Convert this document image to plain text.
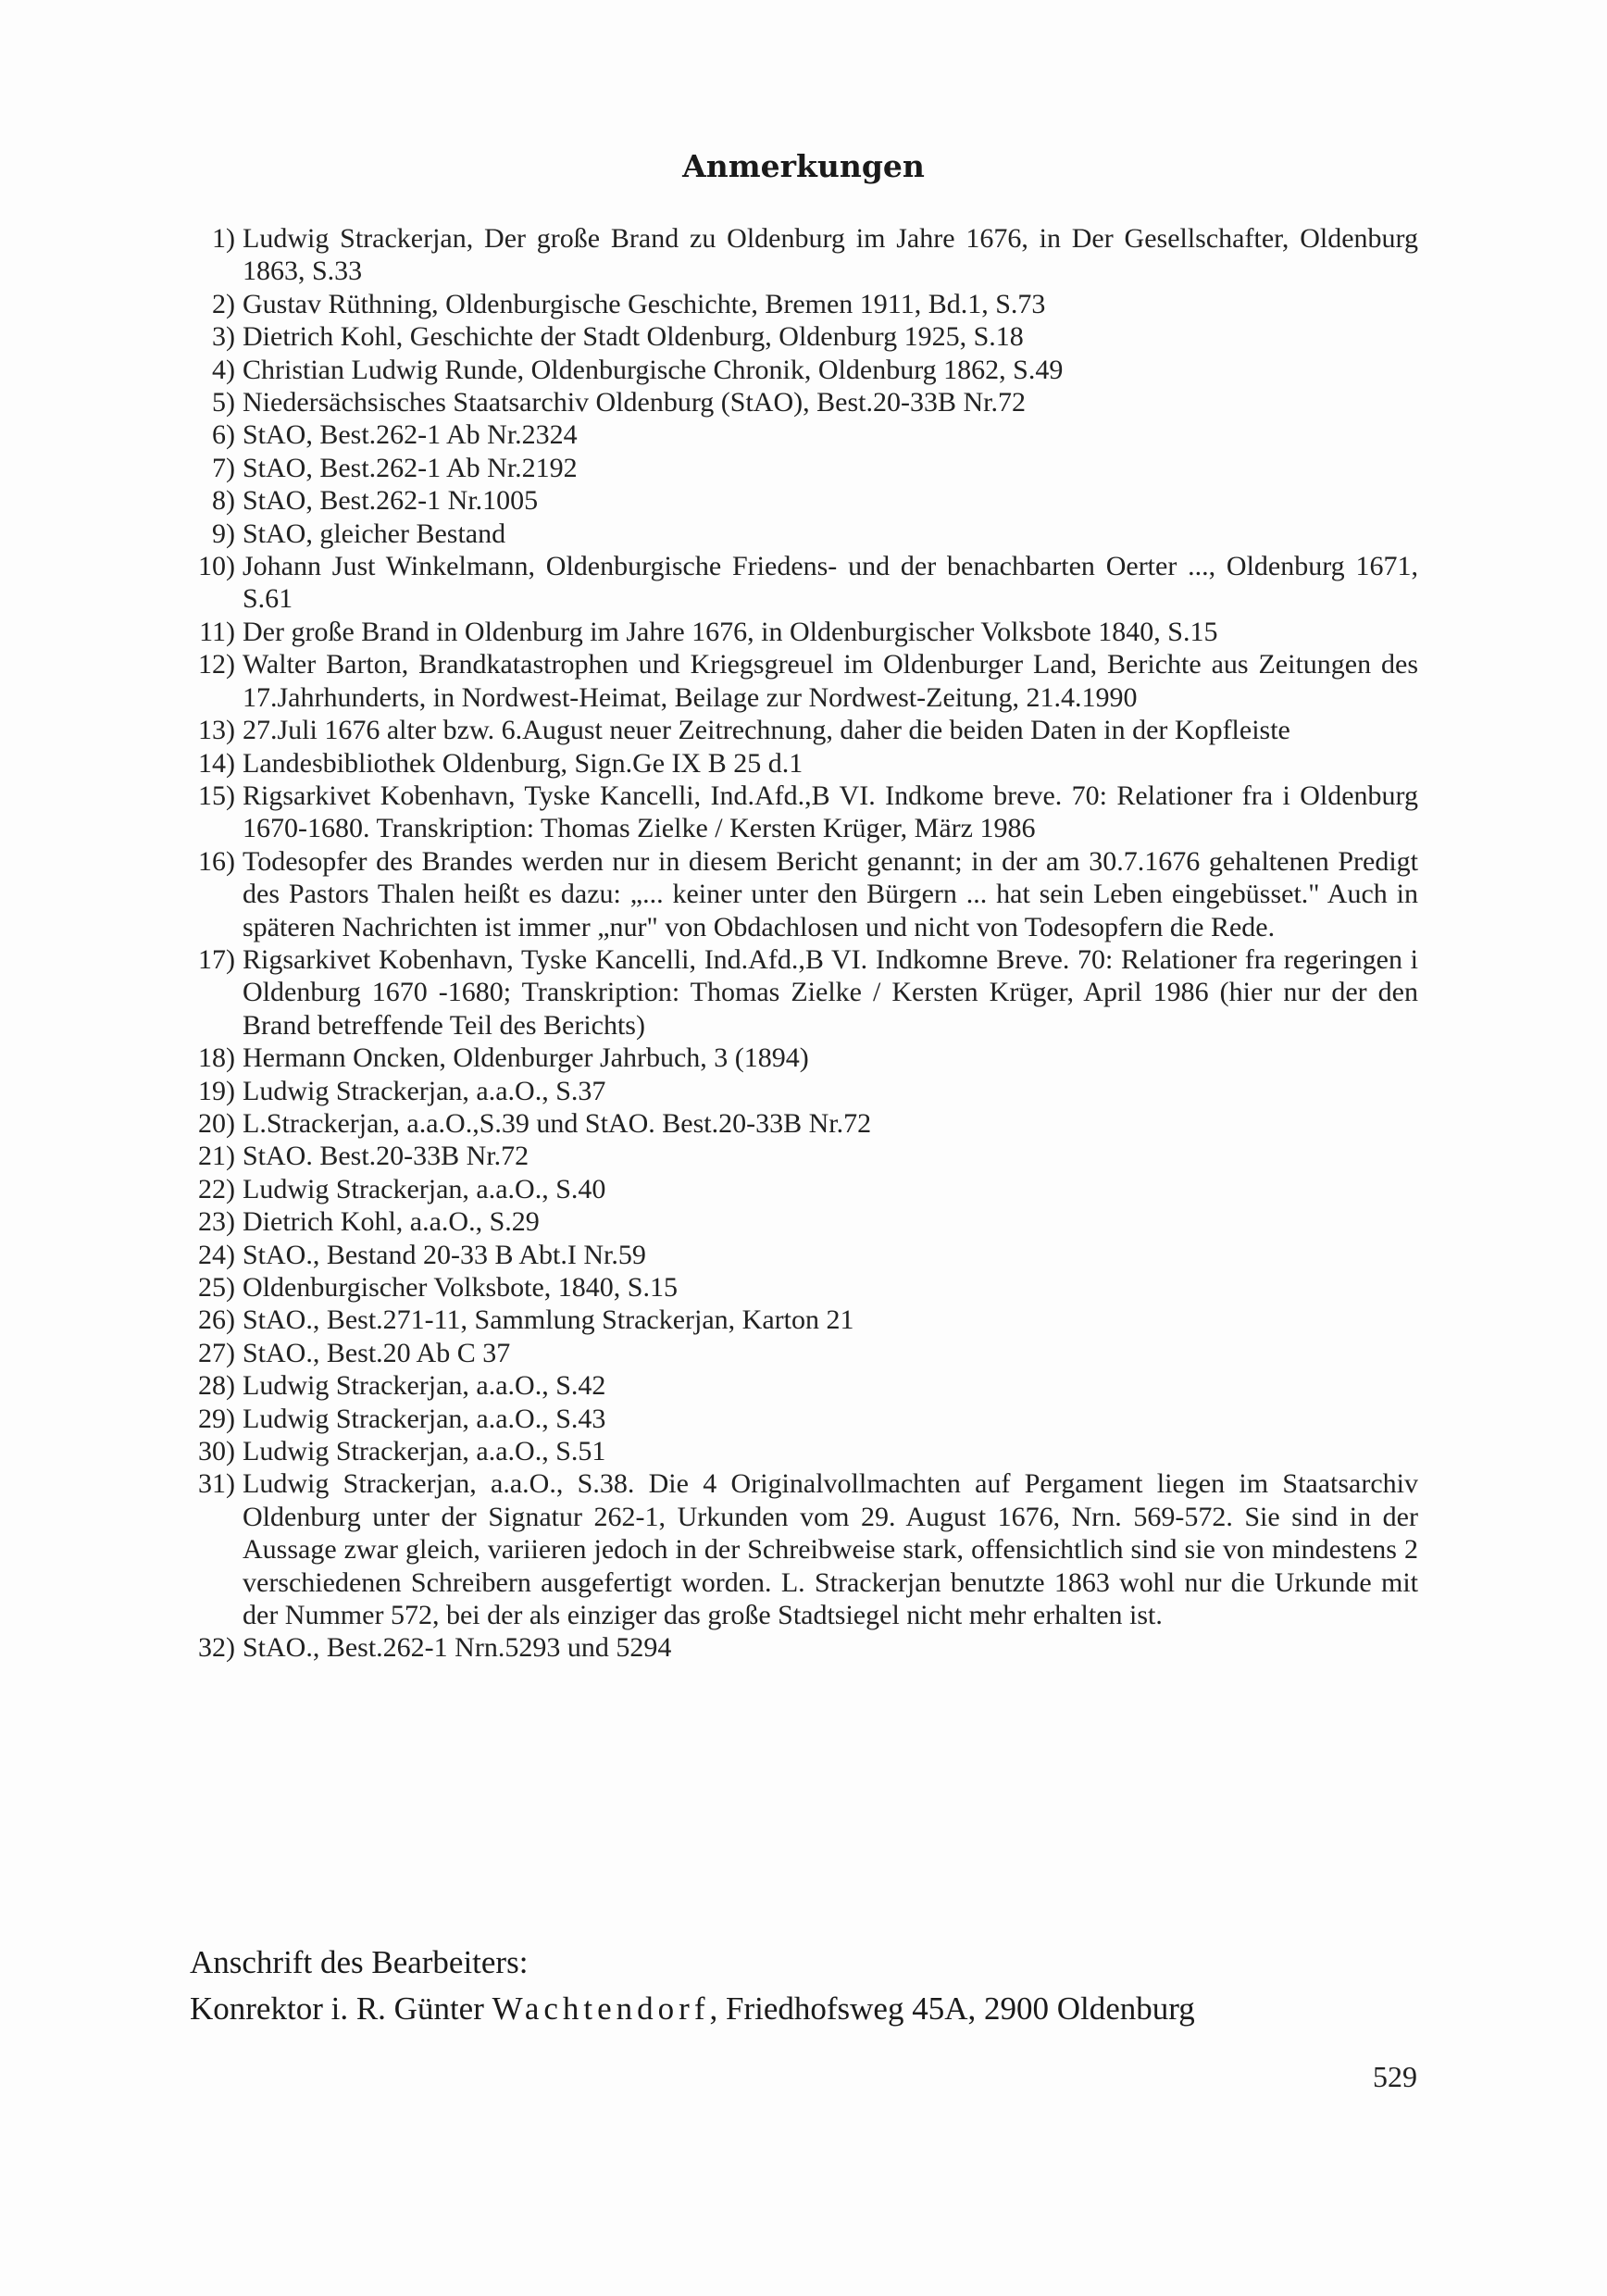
Anmerkungen
1) Ludwig Strackerjan, Der große Brand zu Oldenburg im Jahre 1676, in Der Gesellschafter, Oldenburg 1863, S.33
2) Gustav Rüthning, Oldenburgische Geschichte, Bremen 1911, Bd.1, S.73
3) Dietrich Kohl, Geschichte der Stadt Oldenburg, Oldenburg 1925, S.18
4) Christian Ludwig Runde, Oldenburgische Chronik, Oldenburg 1862, S.49
5) Niedersächsisches Staatsarchiv Oldenburg (StAO), Best.20-33B Nr.72
6) StAO, Best.262-1 Ab Nr.2324
7) StAO, Best.262-1 Ab Nr.2192
8) StAO, Best.262-1 Nr.1005
9) StAO, gleicher Bestand
10) Johann Just Winkelmann, Oldenburgische Friedens- und der benachbarten Oerter ..., Oldenburg 1671, S.61
11) Der große Brand in Oldenburg im Jahre 1676, in Oldenburgischer Volksbote 1840, S.15
12) Walter Barton, Brandkatastrophen und Kriegsgreuel im Oldenburger Land, Berichte aus Zeitungen des 17.Jahrhunderts, in Nordwest-Heimat, Beilage zur Nordwest-Zeitung, 21.4.1990
13) 27.Juli 1676 alter bzw. 6.August neuer Zeitrechnung, daher die beiden Daten in der Kopfleiste
14) Landesbibliothek Oldenburg, Sign.Ge IX B 25 d.1
15) Rigsarkivet Kobenhavn, Tyske Kancelli, Ind.Afd.,B VI. Indkome breve. 70: Relationer fra i Oldenburg 1670-1680. Transkription: Thomas Zielke / Kersten Krüger, März 1986
16) Todesopfer des Brandes werden nur in diesem Bericht genannt; in der am 30.7.1676 gehaltenen Predigt des Pastors Thalen heißt es dazu: „... keiner unter den Bürgern ... hat sein Leben eingebüsset." Auch in späteren Nachrichten ist immer „nur" von Obdachlosen und nicht von Todesopfern die Rede.
17) Rigsarkivet Kobenhavn, Tyske Kancelli, Ind.Afd.,B VI. Indkomne Breve. 70: Relationer fra regeringen i Oldenburg 1670 -1680; Transkription: Thomas Zielke / Kersten Krüger, April 1986 (hier nur der den Brand betreffende Teil des Berichts)
18) Hermann Oncken, Oldenburger Jahrbuch, 3 (1894)
19) Ludwig Strackerjan, a.a.O., S.37
20) L.Strackerjan, a.a.O.,S.39 und StAO. Best.20-33B Nr.72
21) StAO. Best.20-33B Nr.72
22) Ludwig Strackerjan, a.a.O., S.40
23) Dietrich Kohl, a.a.O., S.29
24) StAO., Bestand 20-33 B Abt.I Nr.59
25) Oldenburgischer Volksbote, 1840, S.15
26) StAO., Best.271-11, Sammlung Strackerjan, Karton 21
27) StAO., Best.20 Ab C 37
28) Ludwig Strackerjan, a.a.O., S.42
29) Ludwig Strackerjan, a.a.O., S.43
30) Ludwig Strackerjan, a.a.O., S.51
31) Ludwig Strackerjan, a.a.O., S.38. Die 4 Originalvollmachten auf Pergament liegen im Staatsarchiv Oldenburg unter der Signatur 262-1, Urkunden vom 29. August 1676, Nrn. 569-572. Sie sind in der Aussage zwar gleich, variieren jedoch in der Schreibweise stark, offensichtlich sind sie von mindestens 2 verschiedenen Schreibern ausgefertigt worden. L. Strackerjan benutzte 1863 wohl nur die Urkunde mit der Nummer 572, bei der als einziger das große Stadtsiegel nicht mehr erhalten ist.
32) StAO., Best.262-1 Nrn.5293 und 5294
Anschrift des Bearbeiters:
Konrektor i. R. Günter Wachtendorf, Friedhofsweg 45A, 2900 Oldenburg
529
